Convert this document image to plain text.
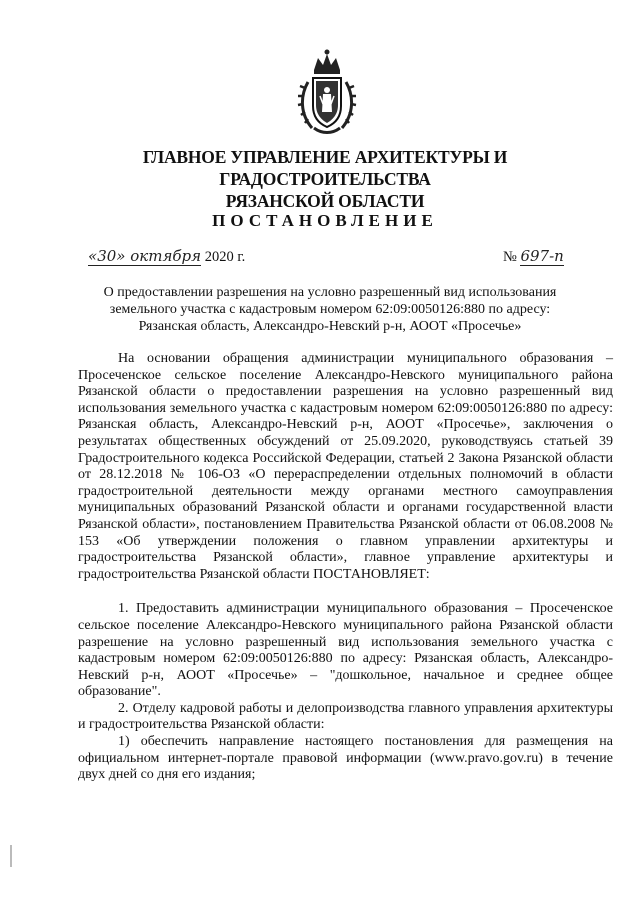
ГЛАВНОЕ УПРАВЛЕНИЕ АРХИТЕКТУРЫ И ГРАДОСТРОИТЕЛЬСТВА
РЯЗАНСКОЙ ОБЛАСТИ
ПОСТАНОВЛЕНИЕ
«30» октября 2020 г.	№ 697-п
О предоставлении разрешения на условно разрешенный вид использования
земельного участка с кадастровым номером 62:09:0050126:880 по адресу:
Рязанская область, Александро-Невский р-н, АООТ «Просечье»

На основании обращения администрации муниципального образования – Просеченское сельское поселение Александро-Невского муниципального района Рязанской области о предоставлении разрешения на условно разрешенный вид использования земельного участка с кадастровым номером 62:09:0050126:880 по адресу: Рязанская область, Александро-Невский р-н, АООТ «Просечье», заключения о результатах общественных обсуждений от 25.09.2020, руководствуясь статьей 39 Градостроительного кодекса Российской Федерации, статьей 2 Закона Рязанской области от 28.12.2018 № 106-ОЗ «О перераспределении отдельных полномочий в области градостроительной деятельности между органами местного самоуправления муниципальных образований Рязанской области и органами государственной власти Рязанской области», постановлением Правительства Рязанской области от 06.08.2008 № 153 «Об утверждении положения о главном управлении архитектуры и градостроительства Рязанской области», главное управление архитектуры и градостроительства Рязанской области ПОСТАНОВЛЯЕТ:

1. Предоставить администрации муниципального образования – Просеченское сельское поселение Александро-Невского муниципального района Рязанской области разрешение на условно разрешенный вид использования земельного участка с кадастровым номером 62:09:0050126:880 по адресу: Рязанская область, Александро-Невский р-н, АООТ «Просечье» – "дошкольное, начальное и среднее общее образование".

2. Отделу кадровой работы и делопроизводства главного управления архитектуры и градостроительства Рязанской области:

1) обеспечить направление настоящего постановления для размещения на официальном интернет-портале правовой информации (www.pravo.gov.ru) в течение двух дней со дня его издания;
